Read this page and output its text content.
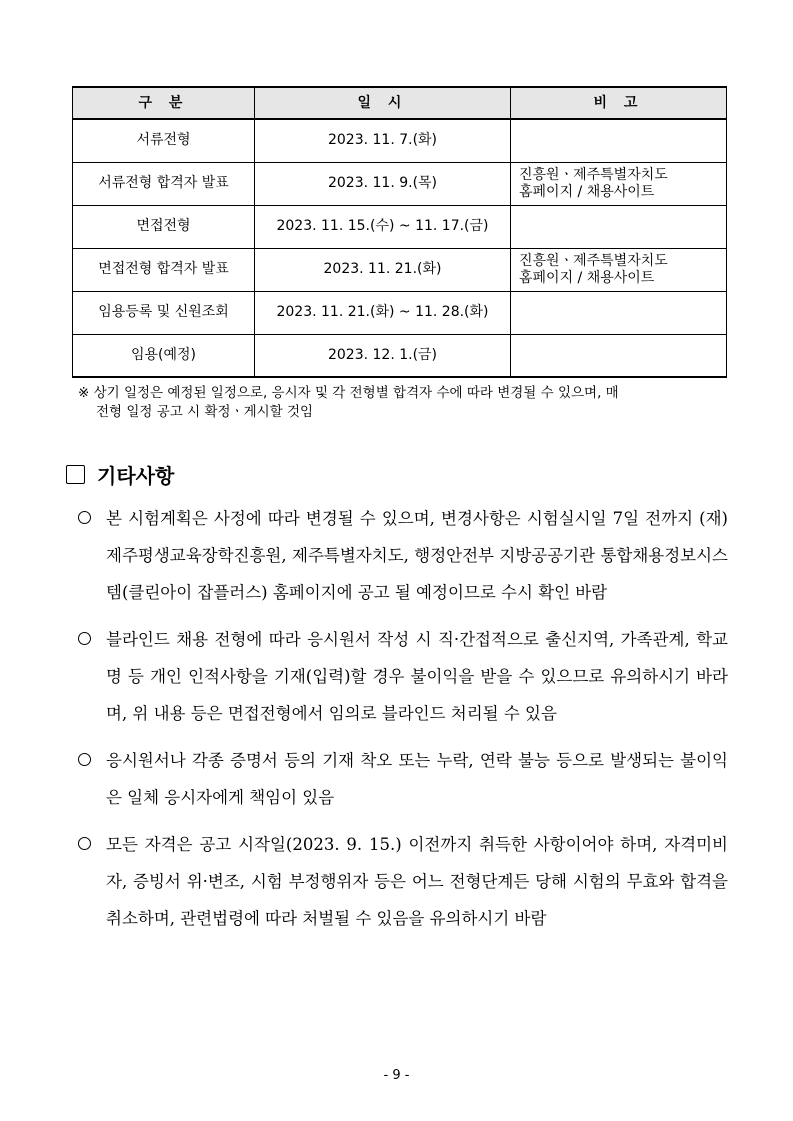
구 분	일 시	비 고
서류전형	2023. 11. 7.(화)	
서류전형 합격자 발표	2023. 11. 9.(목)	진흥원ㆍ제주특별자치도
홈페이지 / 채용사이트

면접전형	2023. 11. 15.(수) ~ 11. 17.(금)	
면접전형 합격자 발표	2023. 11. 21.(화)	진흥원ㆍ제주특별자치도
홈페이지 / 채용사이트

임용등록 및 신원조회	2023. 11. 21.(화) ~ 11. 28.(화)	
임용(예정)	2023. 12. 1.(금)	
※ 상기 일정은 예정된 일정으로, 응시자 및 각 전형별 합격자 수에 따라 변경될 수 있으며, 매
전형 일정 공고 시 확정ㆍ게시할 것임
기타사항

본 시험계획은 사정에 따라 변경될 수 있으며, 변경사항은 시험실시일 7일 전까지 (재)제주평생교육장학진흥원, 제주특별자치도, 행정안전부 지방공공기관 통합채용정보시스템(클린아이 잡플러스) 홈페이지에 공고 될 예정이므로 수시 확인 바람

블라인드 채용 전형에 따라 응시원서 작성 시 직·간접적으로 출신지역, 가족관계, 학교명 등 개인 인적사항을 기재(입력)할 경우 불이익을 받을 수 있으므로 유의하시기 바라며, 위 내용 등은 면접전형에서 임의로 블라인드 처리될 수 있음

응시원서나 각종 증명서 등의 기재 착오 또는 누락, 연락 불능 등으로 발생되는 불이익은 일체 응시자에게 책임이 있음

모든 자격은 공고 시작일(2023. 9. 15.) 이전까지 취득한 사항이어야 하며, 자격미비자, 증빙서 위·변조, 시험 부정행위자 등은 어느 전형단계든 당해 시험의 무효와 합격을 취소하며, 관련법령에 따라 처벌될 수 있음을 유의하시기 바람

- 9 -
